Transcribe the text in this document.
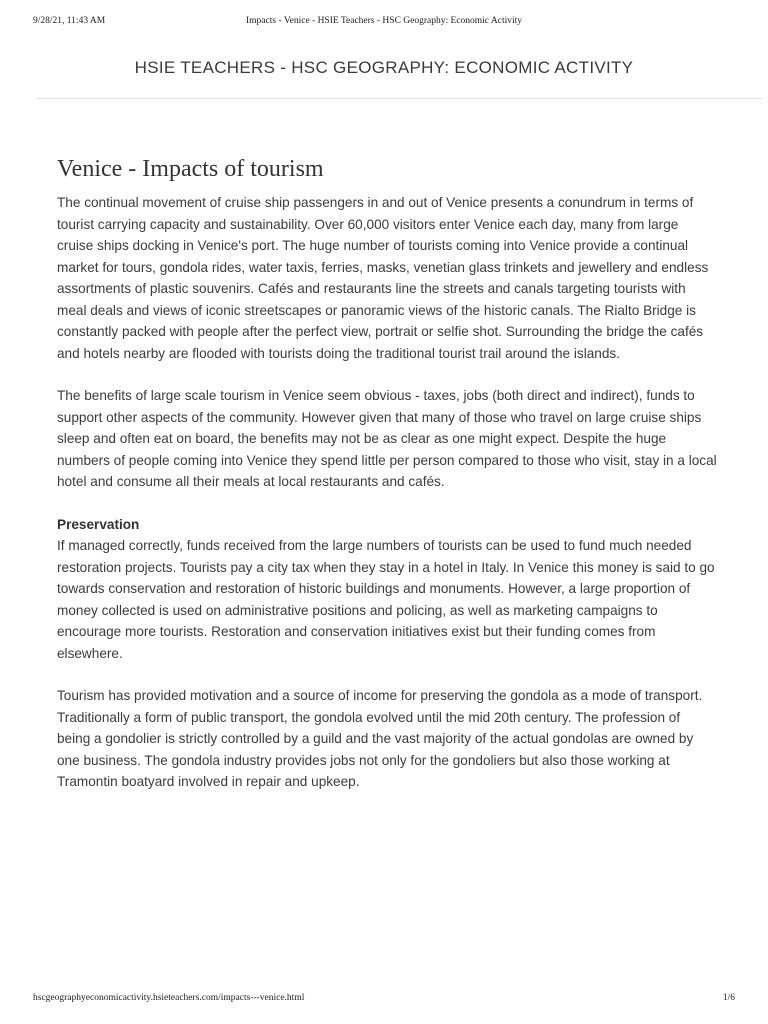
9/28/21, 11:43 AM	Impacts - Venice - HSIE Teachers - HSC Geography: Economic Activity
HSIE TEACHERS - HSC GEOGRAPHY: ECONOMIC ACTIVITY
Venice - Impacts of tourism

The continual movement of cruise ship passengers in and out of Venice presents a conundrum in terms of tourist carrying capacity and sustainability. Over 60,000 visitors enter Venice each day, many from large cruise ships docking in Venice's port. The huge number of tourists coming into Venice provide a continual market for tours, gondola rides, water taxis, ferries, masks, venetian glass trinkets and jewellery and endless assortments of plastic souvenirs. Cafés and restaurants line the streets and canals targeting tourists with meal deals and views of iconic streetscapes or panoramic views of the historic canals. The Rialto Bridge is constantly packed with people after the perfect view, portrait or selfie shot. Surrounding the bridge the cafés and hotels nearby are flooded with tourists doing the traditional tourist trail around the islands.

The benefits of large scale tourism in Venice seem obvious - taxes, jobs (both direct and indirect), funds to support other aspects of the community. However given that many of those who travel on large cruise ships sleep and often eat on board, the benefits may not be as clear as one might expect. Despite the huge numbers of people coming into Venice they spend little per person compared to those who visit, stay in a local hotel and consume all their meals at local restaurants and cafés.

Preservation

If managed correctly, funds received from the large numbers of tourists can be used to fund much needed restoration projects. Tourists pay a city tax when they stay in a hotel in Italy. In Venice this money is said to go towards conservation and restoration of historic buildings and monuments. However, a large proportion of money collected is used on administrative positions and policing, as well as marketing campaigns to encourage more tourists. Restoration and conservation initiatives exist but their funding comes from elsewhere.

Tourism has provided motivation and a source of income for preserving the gondola as a mode of transport. Traditionally a form of public transport, the gondola evolved until the mid 20th century. The profession of being a gondolier is strictly controlled by a guild and the vast majority of the actual gondolas are owned by one business. The gondola industry provides jobs not only for the gondoliers but also those working at Tramontin boatyard involved in repair and upkeep.

hscgeographyeconomicactivity.hsieteachers.com/impacts---venice.html	1/6
